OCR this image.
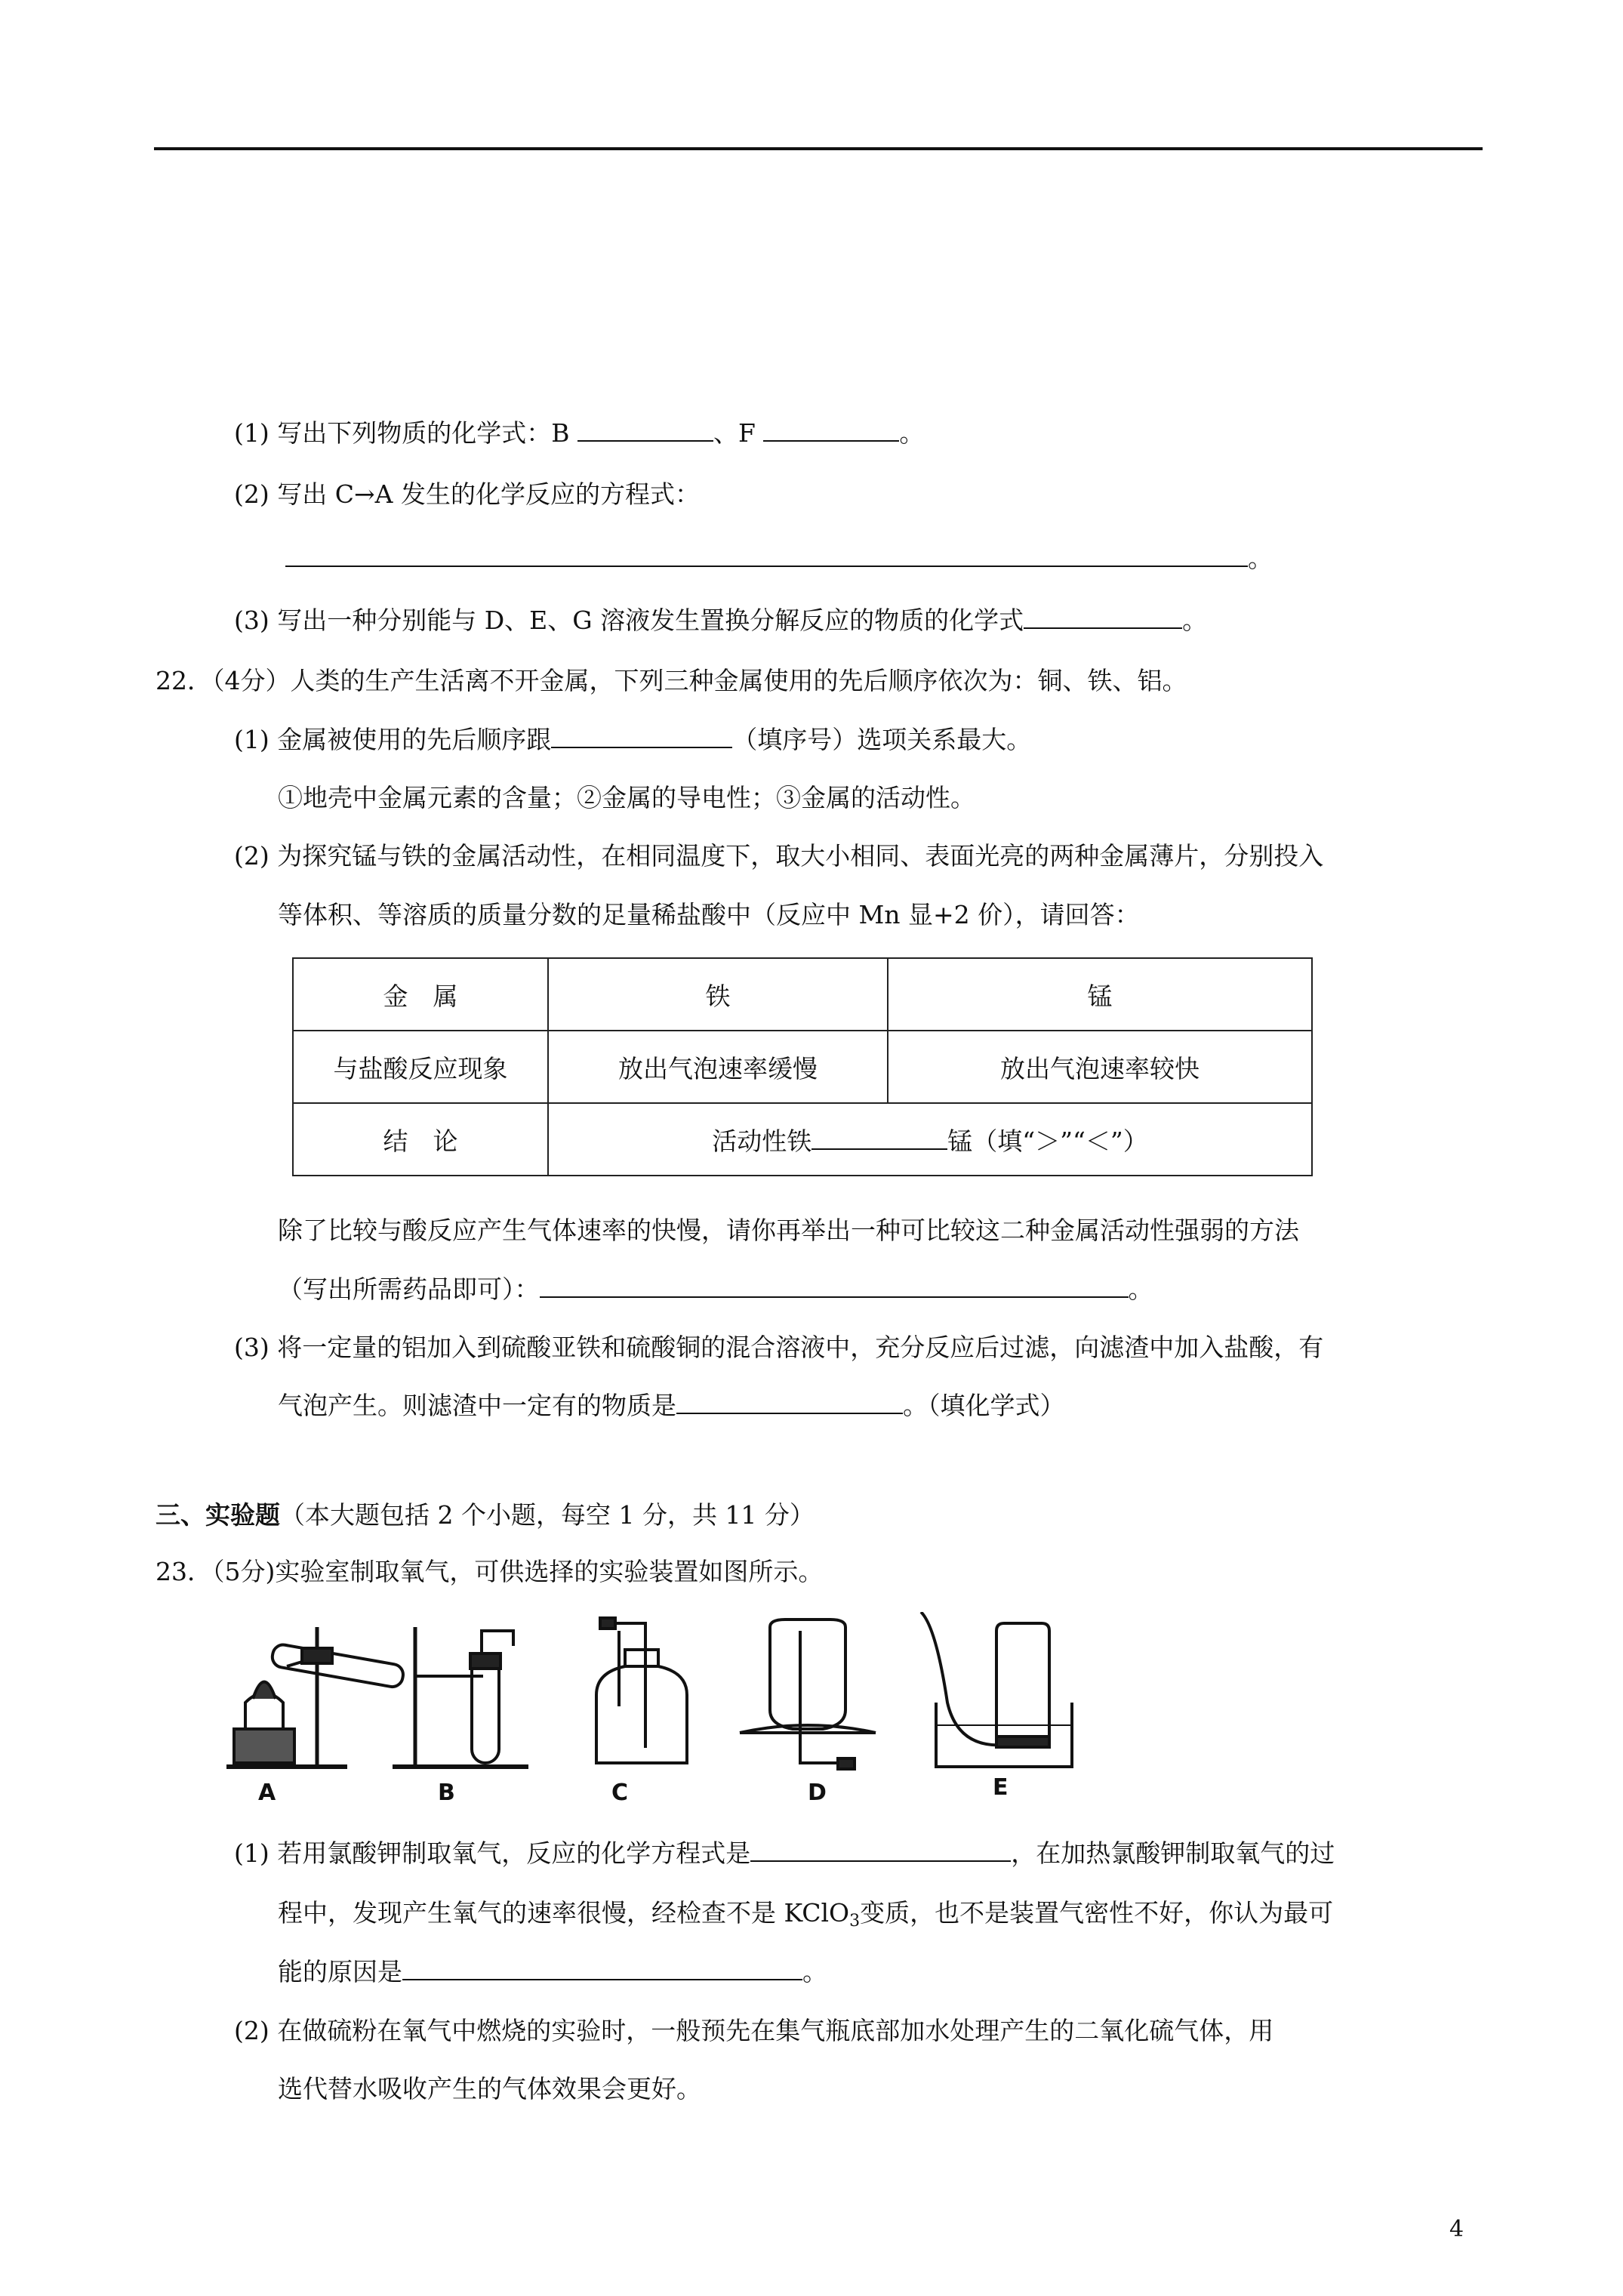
(1) 写出下列物质的化学式：B	、F	。
(2) 写出 C→A 发生的化学反应的方程式：
。
(3) 写出一种分别能与 D、E、G 溶液发生置换分解反应的物质的化学式	。
22．（4分）人类的生产生活离不开金属，下列三种金属使用的先后顺序依次为：铜、铁、铝。
(1) 金属被使用的先后顺序跟	（填序号）选项关系最大。
①地壳中金属元素的含量；②金属的导电性；③金属的活动性。
(2) 为探究锰与铁的金属活动性，在相同温度下，取大小相同、表面光亮的两种金属薄片，分别投入
等体积、等溶质的质量分数的足量稀盐酸中（反应中 Mn 显+2 价），请回答：
金　属	铁	锰
与盐酸反应现象	放出气泡速率缓慢	放出气泡速率较快
结　论	活动性铁 锰（填“＞”“＜”）	
除了比较与酸反应产生气体速率的快慢，请你再举出一种可比较这二种金属活动性强弱的方法
（写出所需药品即可）：	。
(3) 将一定量的铝加入到硫酸亚铁和硫酸铜的混合溶液中，充分反应后过滤，向滤渣中加入盐酸，有
气泡产生。则滤渣中一定有的物质是	。（填化学式）
三、实验题（本大题包括 2 个小题，每空 1 分，共 11 分）
23．（5分)实验室制取氧气，可供选择的实验装置如图所示。
A	B	C	D	E
(1) 若用氯酸钾制取氧气，反应的化学方程式是	，在加热氯酸钾制取氧气的过
程中，发现产生氧气的速率很慢，经检查不是 KClO$_3$变质，也不是装置气密性不好，你认为最可
能的原因是	。
(2) 在做硫粉在氧气中燃烧的实验时，一般预先在集气瓶底部加水处理产生的二氧化硫气体，用
选代替水吸收产生的气体效果会更好。
4
